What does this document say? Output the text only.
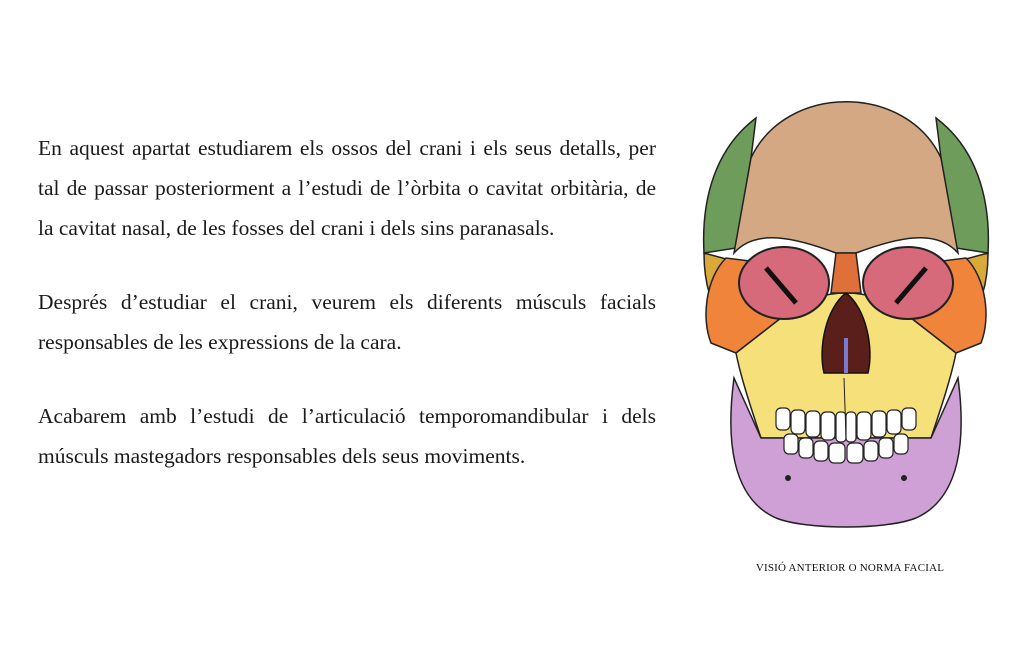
En aquest apartat estudiarem els ossos del crani i els seus detalls, per tal de passar posteriorment a l’estudi de l’òrbita o cavitat orbitària, de la cavitat nasal, de les fosses del crani i dels sins paranasals.

Després d’estudiar el crani, veurem els diferents músculs facials responsables de les expressions de la cara.

Acabarem amb l’estudi de l’articulació temporomandibular i dels músculs mastegadors responsables dels seus moviments.

VISIÓ ANTERIOR O NORMA FACIAL
